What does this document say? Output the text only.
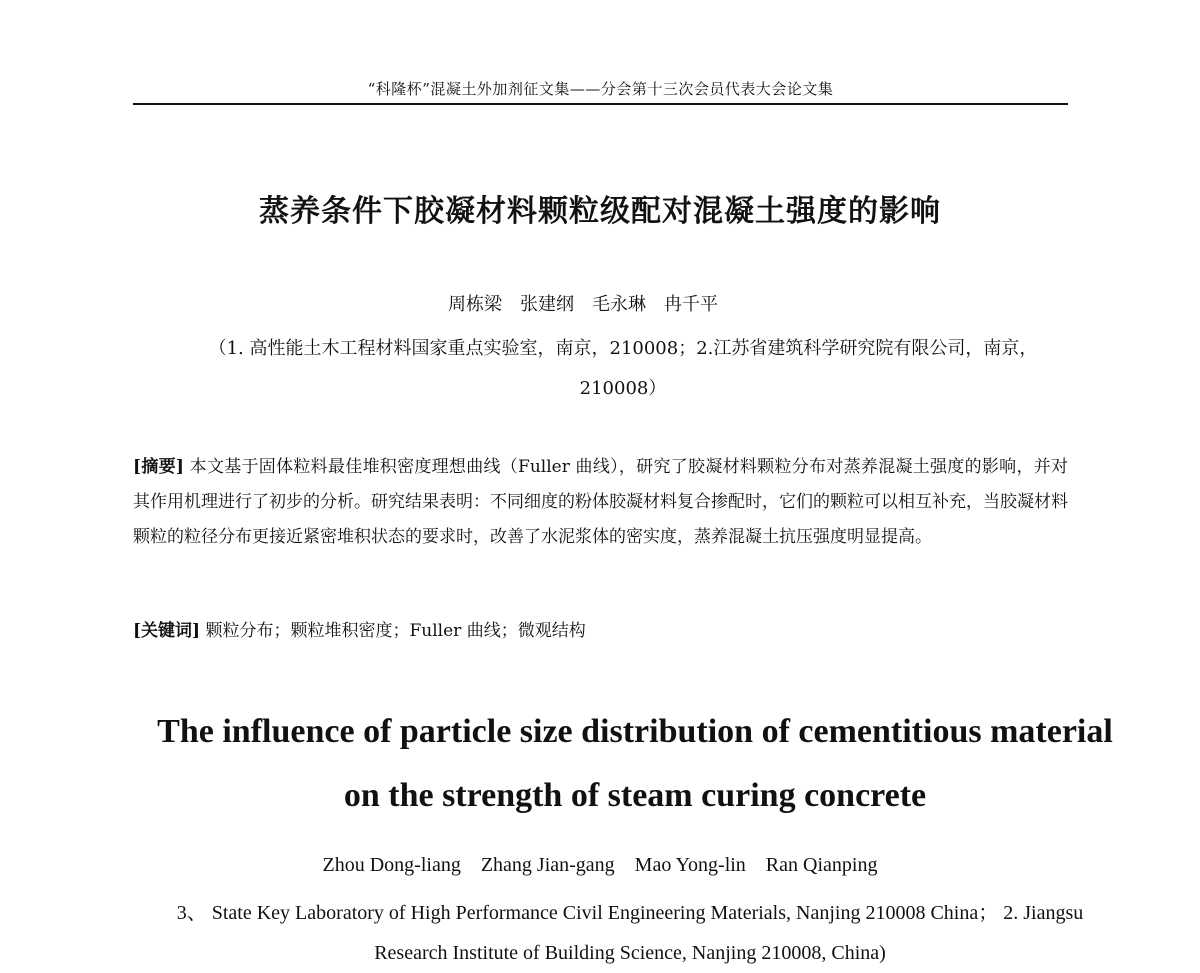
“科隆杯”混凝土外加剂征文集——分会第十三次会员代表大会论文集
蒸养条件下胶凝材料颗粒级配对混凝土强度的影响
周栋梁　张建纲　毛永琳　冉千平
（1. 高性能土木工程材料国家重点实验室，南京，210008；2.江苏省建筑科学研究院有限公司，南京，210008）
[摘要] 本文基于固体粒料最佳堆积密度理想曲线（Fuller 曲线），研究了胶凝材料颗粒分布对蒸养混凝土强度的影响，并对其作用机理进行了初步的分析。研究结果表明：不同细度的粉体胶凝材料复合掺配时，它们的颗粒可以相互补充，当胶凝材料颗粒的粒径分布更接近紧密堆积状态的要求时，改善了水泥浆体的密实度，蒸养混凝土抗压强度明显提高。
[关键词] 颗粒分布；颗粒堆积密度；Fuller 曲线；微观结构
The influence of particle size distribution of cementitious material on the strength of steam curing concrete
Zhou Dong-liang    Zhang Jian-gang    Mao Yong-lin    Ran Qianping
3、 State Key Laboratory of High Performance Civil Engineering Materials, Nanjing 210008 China； 2. Jiangsu Research Institute of Building Science, Nanjing 210008, China)
